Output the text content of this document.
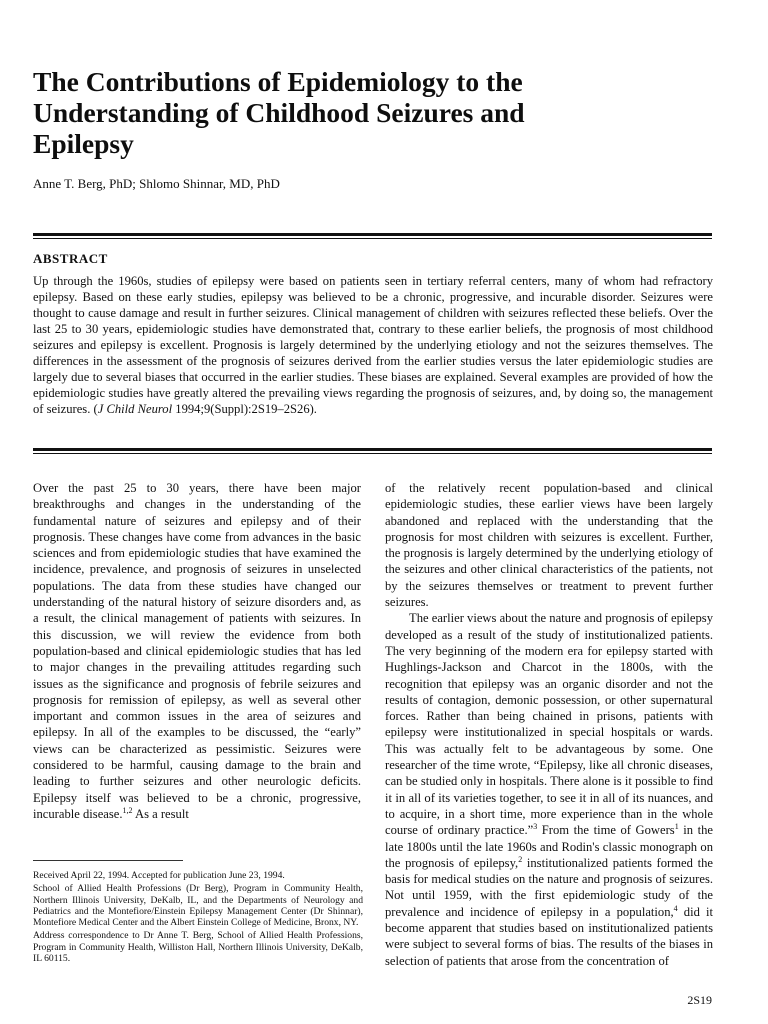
The Contributions of Epidemiology to the Understanding of Childhood Seizures and Epilepsy

Anne T. Berg, PhD; Shlomo Shinnar, MD, PhD

ABSTRACT

Up through the 1960s, studies of epilepsy were based on patients seen in tertiary referral centers, many of whom had refractory epilepsy. Based on these early studies, epilepsy was believed to be a chronic, progressive, and incurable disorder. Seizures were thought to cause damage and result in further seizures. Clinical management of children with seizures reflected these beliefs. Over the last 25 to 30 years, epidemiologic studies have demonstrated that, contrary to these earlier beliefs, the prognosis of most childhood seizures and epilepsy is excellent. Prognosis is largely determined by the underlying etiology and not the seizures themselves. The differences in the assessment of the prognosis of seizures derived from the earlier studies versus the later epidemiologic studies are largely due to several biases that occurred in the earlier studies. These biases are explained. Several examples are provided of how the epidemiologic studies have greatly altered the prevailing views regarding the prognosis of seizures, and, by doing so, the management of seizures. (J Child Neurol 1994;9(Suppl):2S19–2S26).

Over the past 25 to 30 years, there have been major breakthroughs and changes in the understanding of the fundamental nature of seizures and epilepsy and of their prognosis. These changes have come from advances in the basic sciences and from epidemiologic studies that have examined the incidence, prevalence, and prognosis of seizures in unselected populations. The data from these studies have changed our understanding of the natural history of seizure disorders and, as a result, the clinical management of patients with seizures. In this discussion, we will review the evidence from both population-based and clinical epidemiologic studies that has led to major changes in the prevailing attitudes regarding such issues as the significance and prognosis of febrile seizures and prognosis for remission of epilepsy, as well as several other important and common issues in the area of seizures and epilepsy. In all of the examples to be discussed, the “early” views can be characterized as pessimistic. Seizures were considered to be harmful, causing damage to the brain and leading to further seizures and other neurologic deficits. Epilepsy itself was believed to be a chronic, progressive, incurable disease.$^{1,2}$ As a result

of the relatively recent population-based and clinical epidemiologic studies, these earlier views have been largely abandoned and replaced with the understanding that the prognosis for most children with seizures is excellent. Further, the prognosis is largely determined by the underlying etiology of the seizures and other clinical characteristics of the patients, not by the seizures themselves or treatment to prevent further seizures.

The earlier views about the nature and prognosis of epilepsy developed as a result of the study of institutionalized patients. The very beginning of the modern era for epilepsy started with Hughlings-Jackson and Charcot in the 1800s, with the recognition that epilepsy was an organic disorder and not the results of contagion, demonic possession, or other supernatural forces. Rather than being chained in prisons, patients with epilepsy were institutionalized in special hospitals or wards. This was actually felt to be advantageous by some. One researcher of the time wrote, “Epilepsy, like all chronic diseases, can be studied only in hospitals. There alone is it possible to find it in all of its varieties together, to see it in all of its nuances, and to acquire, in a short time, more experience than in the whole course of ordinary practice.”$^3$ From the time of Gowers$^1$ in the late 1800s until the late 1960s and Rodin's classic monograph on the prognosis of epilepsy,$^2$ institutionalized patients formed the basis for medical studies on the nature and prognosis of seizures. Not until 1959, with the first epidemiologic study of the prevalence and incidence of epilepsy in a population,$^4$ did it become apparent that studies based on institutionalized patients were subject to several forms of bias. The results of the biases in selection of patients that arose from the concentration of

Received April 22, 1994. Accepted for publication June 23, 1994.

School of Allied Health Professions (Dr Berg), Program in Community Health, Northern Illinois University, DeKalb, IL, and the Departments of Neurology and Pediatrics and the Montefiore/Einstein Epilepsy Management Center (Dr Shinnar), Montefiore Medical Center and the Albert Einstein College of Medicine, Bronx, NY.

Address correspondence to Dr Anne T. Berg, School of Allied Health Professions, Program in Community Health, Williston Hall, Northern Illinois University, DeKalb, IL 60115.

2S19
